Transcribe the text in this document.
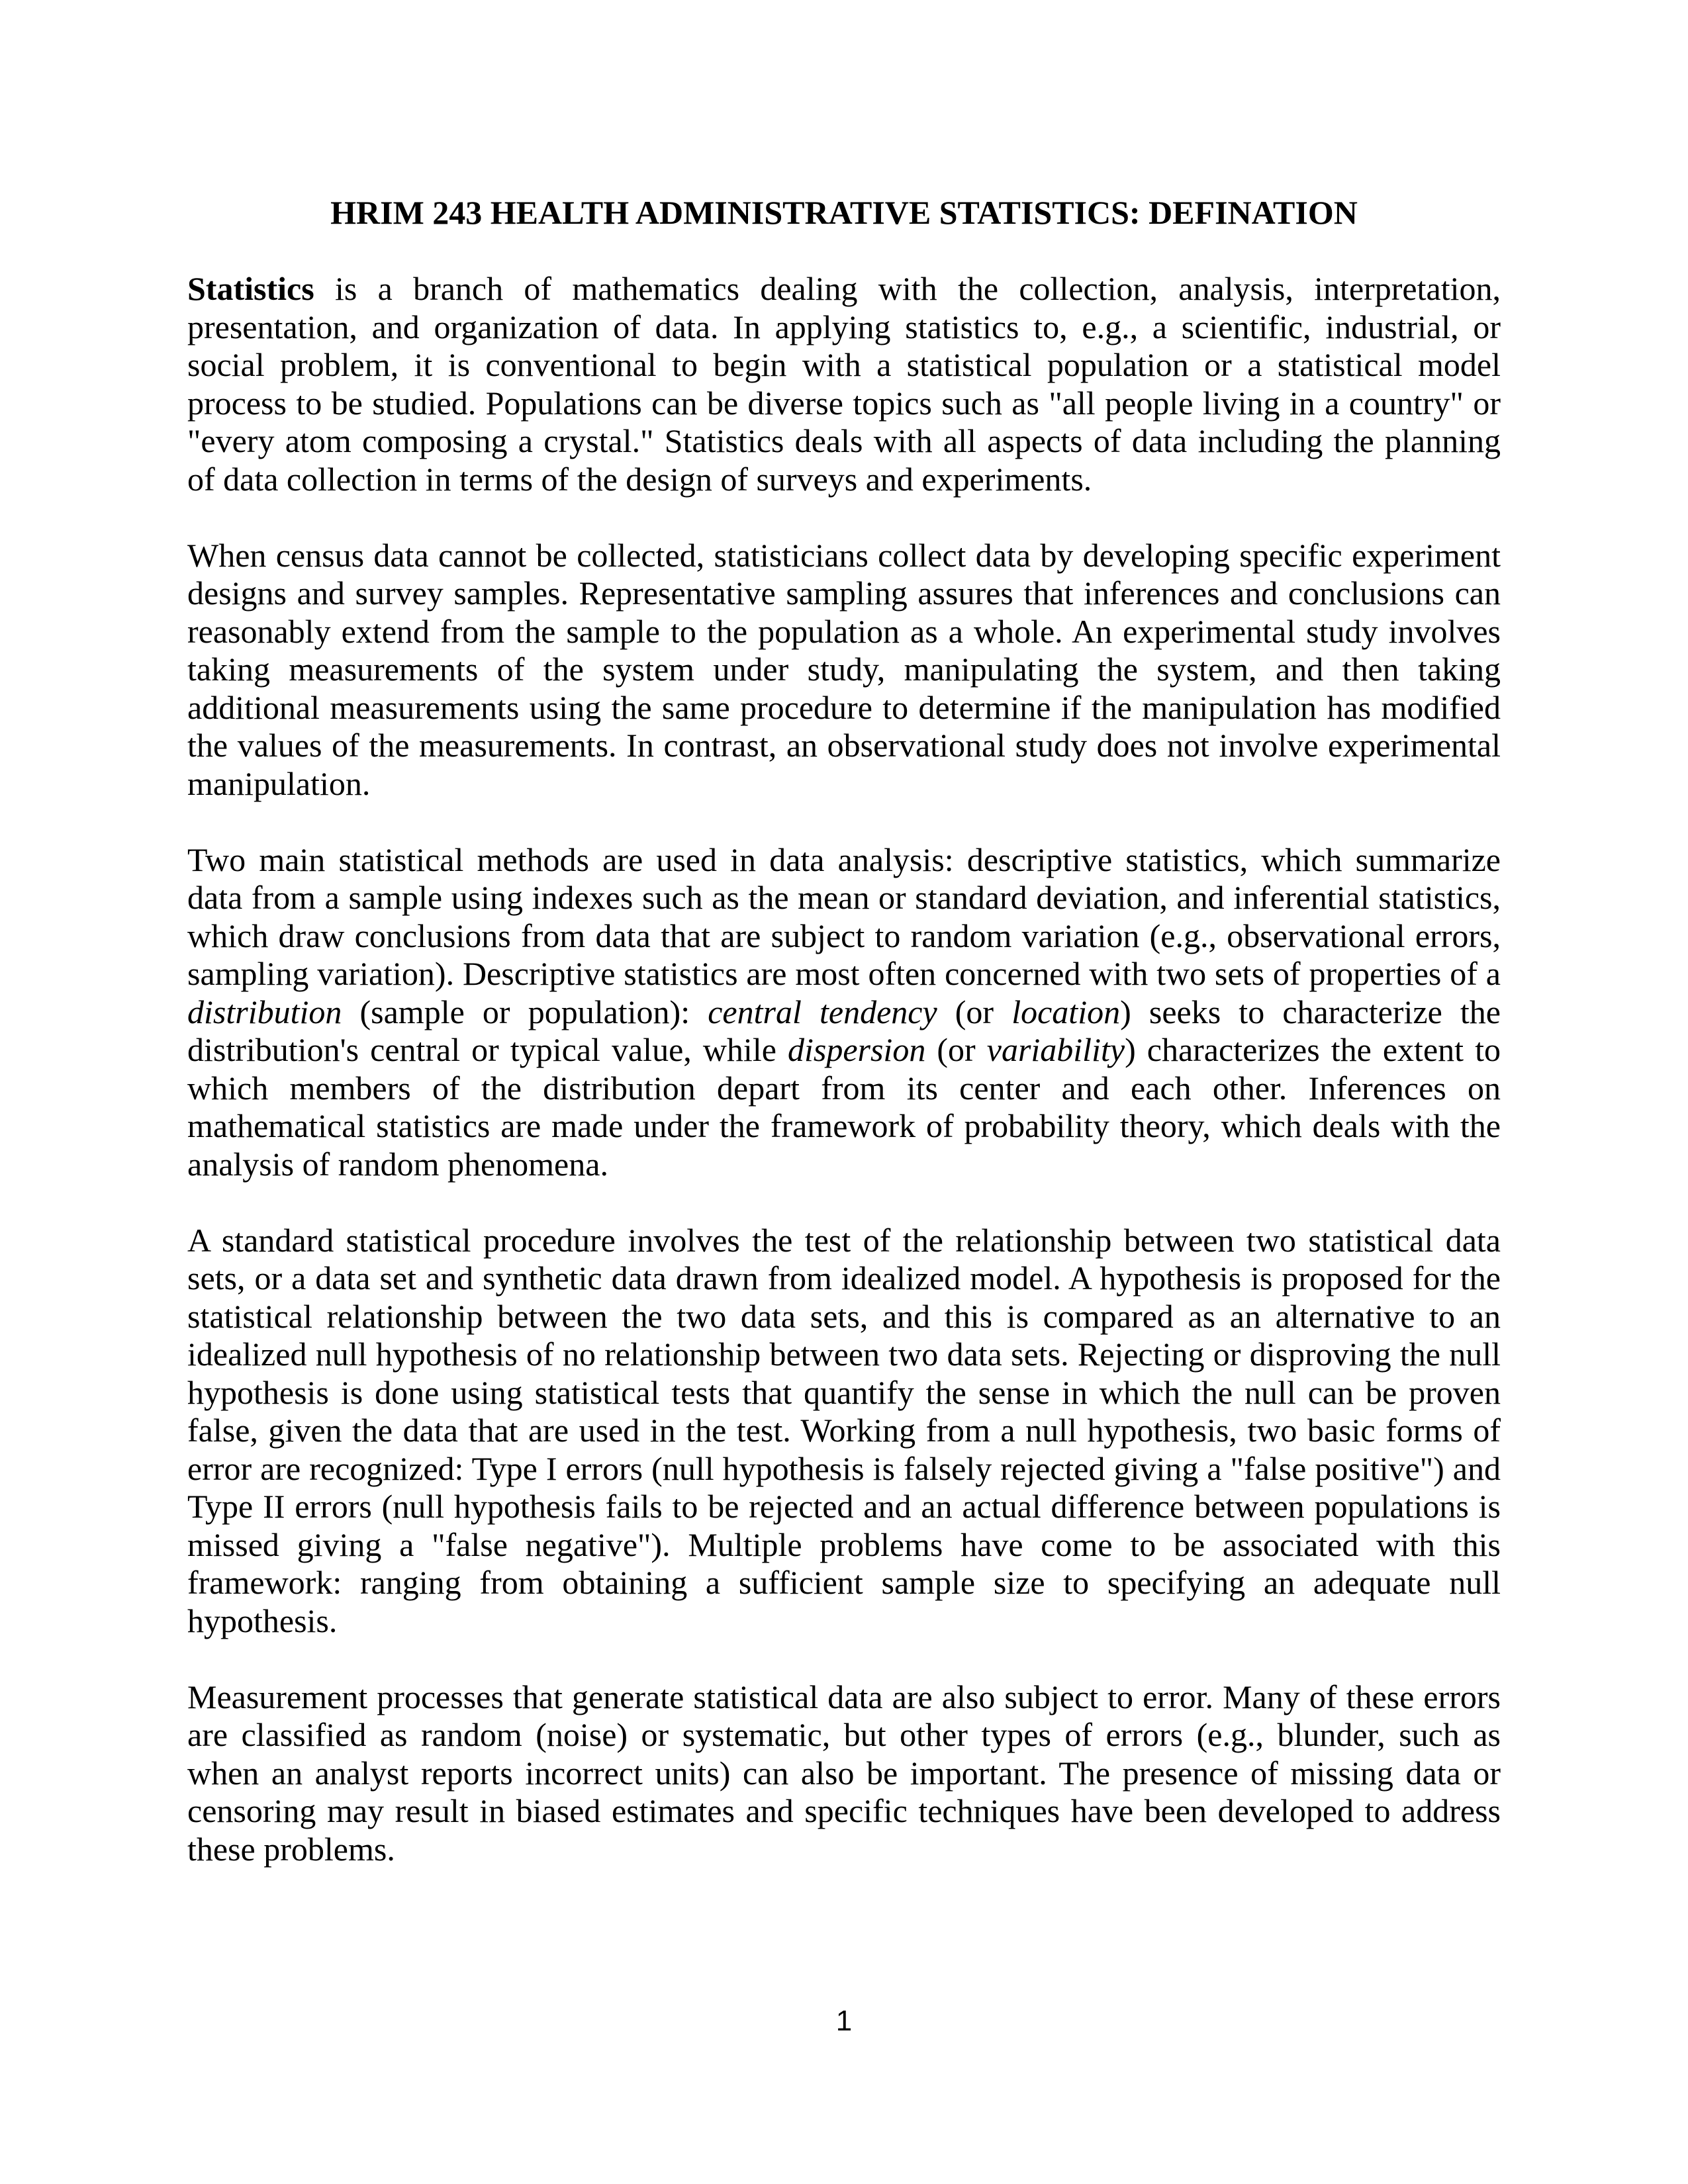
HRIM 243 HEALTH ADMINISTRATIVE STATISTICS: DEFINATION

Statistics is a branch of mathematics dealing with the collection, analysis, interpretation, presentation, and organization of data. In applying statistics to, e.g., a scientific, industrial, or social problem, it is conventional to begin with a statistical population or a statistical model process to be studied. Populations can be diverse topics such as "all people living in a country" or "every atom composing a crystal." Statistics deals with all aspects of data including the planning of data collection in terms of the design of surveys and experiments.

When census data cannot be collected, statisticians collect data by developing specific experiment designs and survey samples. Representative sampling assures that inferences and conclusions can reasonably extend from the sample to the population as a whole. An experimental study involves taking measurements of the system under study, manipulating the system, and then taking additional measurements using the same procedure to determine if the manipulation has modified the values of the measurements. In contrast, an observational study does not involve experimental manipulation.

Two main statistical methods are used in data analysis: descriptive statistics, which summarize data from a sample using indexes such as the mean or standard deviation, and inferential statistics, which draw conclusions from data that are subject to random variation (e.g., observational errors, sampling variation). Descriptive statistics are most often concerned with two sets of properties of a distribution (sample or population): central tendency (or location) seeks to characterize the distribution's central or typical value, while dispersion (or variability) characterizes the extent to which members of the distribution depart from its center and each other. Inferences on mathematical statistics are made under the framework of probability theory, which deals with the analysis of random phenomena.

A standard statistical procedure involves the test of the relationship between two statistical data sets, or a data set and synthetic data drawn from idealized model. A hypothesis is proposed for the statistical relationship between the two data sets, and this is compared as an alternative to an idealized null hypothesis of no relationship between two data sets. Rejecting or disproving the null hypothesis is done using statistical tests that quantify the sense in which the null can be proven false, given the data that are used in the test. Working from a null hypothesis, two basic forms of error are recognized: Type I errors (null hypothesis is falsely rejected giving a "false positive") and Type II errors (null hypothesis fails to be rejected and an actual difference between populations is missed giving a "false negative"). Multiple problems have come to be associated with this framework: ranging from obtaining a sufficient sample size to specifying an adequate null hypothesis.

Measurement processes that generate statistical data are also subject to error. Many of these errors are classified as random (noise) or systematic, but other types of errors (e.g., blunder, such as when an analyst reports incorrect units) can also be important. The presence of missing data or censoring may result in biased estimates and specific techniques have been developed to address these problems.

1
